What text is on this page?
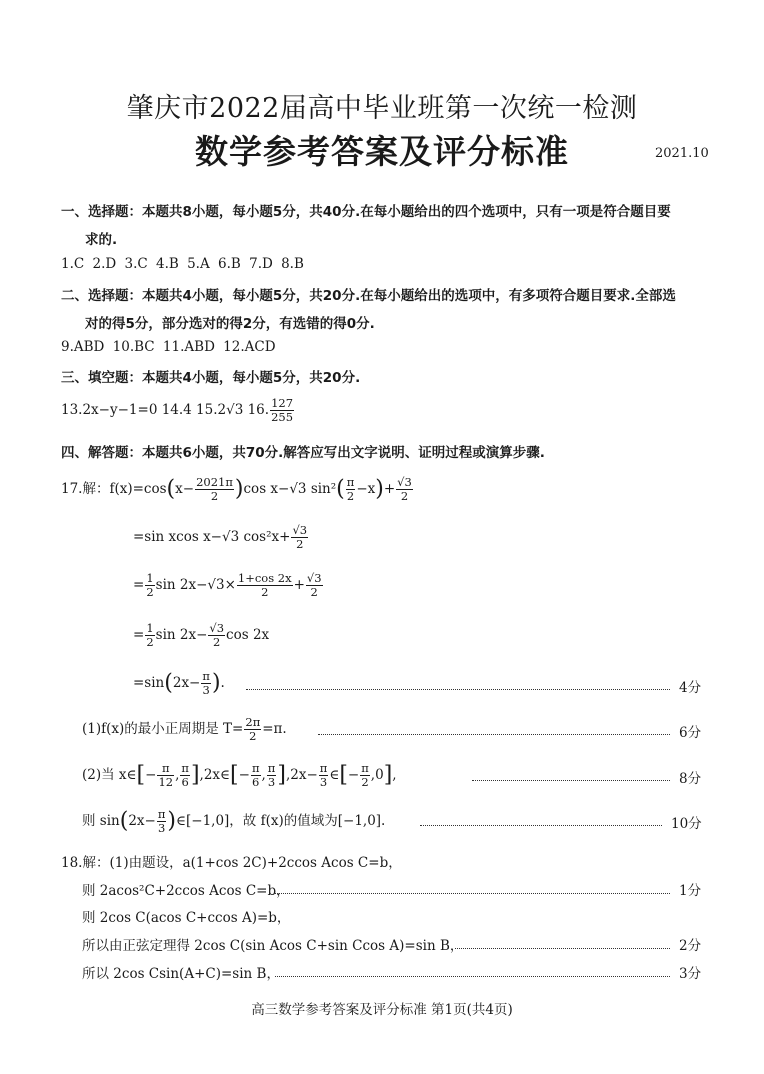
肇庆市2022届高中毕业班第一次统一检测
数学参考答案及评分标准	2021.10
一、选择题：本题共8小题，每小题5分，共40分.在每小题给出的四个选项中，只有一项是符合题目要
求的.
1.C 2.D 3.C 4.B 5.A 6.B 7.D 8.B
二、选择题：本题共4小题，每小题5分，共20分.在每小题给出的选项中，有多项符合题目要求.全部选
对的得5分，部分选对的得2分，有选错的得0分.
9.ABD 10.BC 11.ABD 12.ACD
三、填空题：本题共4小题，每小题5分，共20分.
13.2x−y−1=0 14.4 15.2√3 16. $\frac{127}{255}$
四、解答题：本题共6小题，共70分.解答应写出文字说明、证明过程或演算步骤.
17.解：$f(x)=\cos(x- \frac{2021\pi}{2} )\cos$ x−√3 $\sin^2( \frac{\pi}{2} -x)+ \frac{√3}{2}$
=sin xcos x−√3 $\cos^2x+ \frac{√3}{2}$
= $\frac{1}{2}$ $\sin 2x-√3\times \frac{1+\cos 2x}{2} + \frac{√3}{2}$
= $\frac{1}{2}$ $\sin 2x- \frac{√3}{2}$ cos 2x
$=\sin(2x- \frac{\pi}{3}$ ).	4分
(1)f(x)的最小正周期是 $T= \frac{2\pi}{2} =\pi$.	6分
(2)当 x∈[− $\frac{\pi}{12}$ , $\frac{\pi}{6}$ ],2x∈[− $\frac{\pi}{6}$ , $\frac{\pi}{3} ],2x- \frac{\pi}{3}$ ∈[− $\frac{\pi}{2} ,0$],	8分
则 $\sin(2x- \frac{\pi}{3}$ )∈[−1,0]，故 f(x)的值域为[−1,0].	10分
18.解：(1)由题设，a(1+cos 2C)+2ccos Acos C=b，
则 2acos²C+2ccos Acos C=b，	1分
则 2cos C(acos C+ccos A)=b，
所以由正弦定理得 2cos C(sin Acos C+sin Ccos A)=sin B，	2分
所以 2cos Csin(A+C)=sin B，	3分
高三数学参考答案及评分标准 第1页(共4页)
